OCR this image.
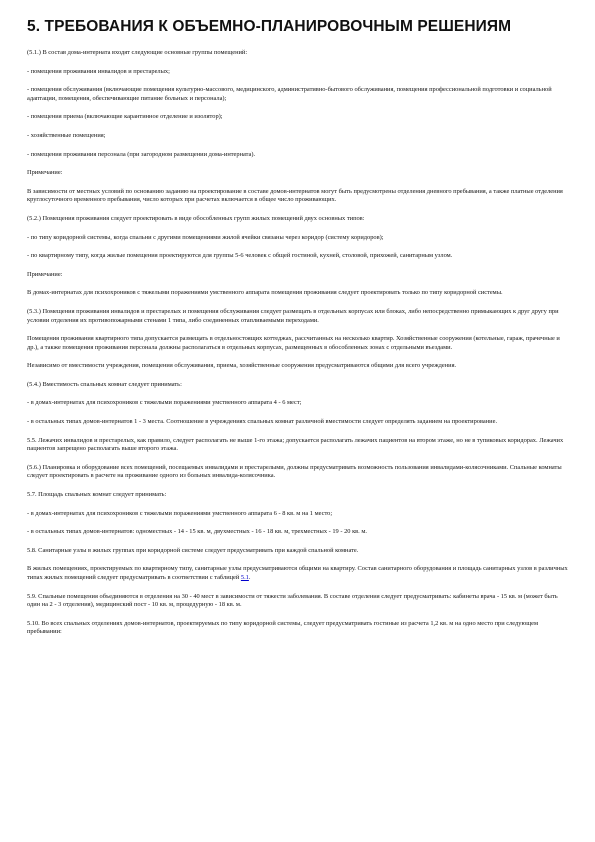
5. ТРЕБОВАНИЯ К ОБЪЕМНО-ПЛАНИРОВОЧНЫМ РЕШЕНИЯМ

(5.1.) В состав дома-интерната входят следующие основные группы помещений:

- помещения проживания инвалидов и престарелых;

- помещения обслуживания (включающие помещения культурно-массового, медицинского, административно-бытового обслуживания, помещения профессиональной подготовки и социальной адаптации, помещения, обеспечивающие питание больных и персонала);

- помещения приема (включающие карантинное отделение и изолятор);

- хозяйственные помещения;

- помещения проживания персонала (при загородном размещении дома-интерната).

Примечание:

В зависимости от местных условий по основанию заданию на проектирование в составе домов-интернатов могут быть предусмотрены отделения дневного пребывания, а также платные отделения круглосуточного временного пребывания, число которых при расчетах включается в общее число проживающих.

(5.2.) Помещения проживания следует проектировать в виде обособленных групп жилых помещений двух основных типов:

- по типу коридорной системы, когда спальни с другими помещениями жилой ячейки связаны через коридор (систему коридоров);

- по квартирному типу, когда жилые помещения проектируются для группы 5-6 человек с общей гостиной, кухней, столовой, прихожей, санитарным узлом.

Примечание:

В домах-интернатах для психохроников с тяжелыми поражениями умственного аппарата помещения проживания следует проектировать только по типу коридорной системы.

(5.3.) Помещения проживания инвалидов и престарелых и помещения обслуживания следует размещать в отдельных корпусах или блоках, либо непосредственно примыкающих к друг другу при условии отделения их противопожарными стенами 1 типа, либо соединенных отапливаемыми переходами.

Помещения проживания квартирного типа допускается размещать в отдельностоящих коттеджах, рассчитанных на несколько квартир. Хозяйственные сооружения (котельные, гараж, прачечные и др.), а также помещения проживания персонала должны располагаться в отдельных корпусах, размещенных в обособленных зонах с отдельными въездами.

Независимо от вместимости учреждения, помещения обслуживания, приема, хозяйственные сооружения предусматриваются общими для всего учреждения.

(5.4.) Вместимость спальных комнат следует принимать:

- в домах-интернатах для психохроников с тяжелыми поражениями умственного аппарата 4 - 6 мест;

- в остальных типах домов-интернатов 1 - 3 места. Соотношение в учреждениях спальных комнат различной вместимости следует определять заданием на проектирование.

5.5. Лежачих инвалидов и престарелых, как правило, следует располагать не выше 1-го этажа; допускается располагать лежачих пациентов на втором этаже, но не в тупиковых коридорах. Лежачих пациентов запрещено располагать выше второго этажа.

(5.6.) Планировка и оборудование всех помещений, посещаемых инвалидами и престарелыми, должны предусматривать возможность пользования инвалидами-колясочниками. Спальные комнаты следует проектировать в расчете на проживание одного из больных инвалида-колясочника.

5.7. Площадь спальных комнат следует принимать:

- в домах-интернатах для психохроников с тяжелыми поражениями умственного аппарата 6 - 8 кв. м на 1 место;

- в остальных типах домов-интернатов: одноместных - 14 - 15 кв. м, двухместных - 16 - 18 кв. м, трехместных - 19 - 20 кв. м.

5.8. Санитарные узлы в жилых группах при коридорной системе следует предусматривать при каждой спальной комнате.

В жилых помещениях, проектируемых по квартирному типу, санитарные узлы предусматриваются общими на квартиру. Состав санитарного оборудования и площадь санитарных узлов в различных типах жилых помещений следует предусматривать в соответствии с таблицей 5.1.

5.9. Спальные помещения объединяются в отделения на 30 - 40 мест в зависимости от тяжести заболевания. В составе отделения следует предусматривать: кабинеты врача - 15 кв. м (может быть один на 2 - 3 отделения), медицинский пост - 10 кв. м, процедурную - 18 кв. м.

5.10. Во всех спальных отделениях домов-интернатов, проектируемых по типу коридорной системы, следует предусматривать гостиные из расчета 1,2 кв. м на одно место при следующем пребывании:
